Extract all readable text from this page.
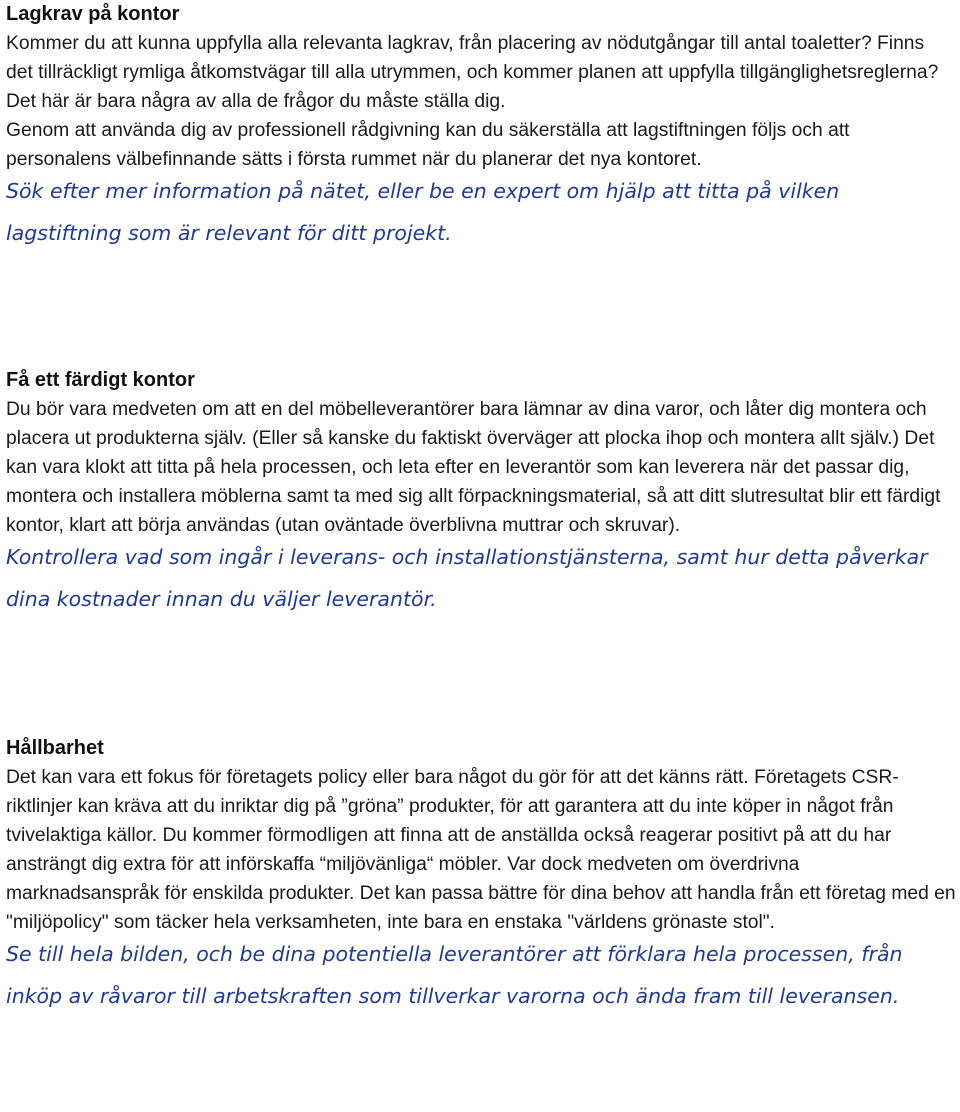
Lagkrav på kontor

Kommer du att kunna uppfylla alla relevanta lagkrav, från placering av nödutgångar till antal toaletter? Finns det tillräckligt rymliga åtkomstvägar till alla utrymmen, och kommer planen att uppfylla tillgänglighetsreglerna? Det här är bara några av alla de frågor du måste ställa dig.

Genom att använda dig av professionell rådgivning kan du säkerställa att lagstiftningen följs och att personalens välbefinnande sätts i första rummet när du planerar det nya kontoret.

Sök efter mer information på nätet, eller be en expert om hjälp att titta på vilken lagstiftning som är relevant för ditt projekt.

Få ett färdigt kontor

Du bör vara medveten om att en del möbelleverantörer bara lämnar av dina varor, och låter dig montera och placera ut produkterna själv. (Eller så kanske du faktiskt överväger att plocka ihop och montera allt själv.) Det kan vara klokt att titta på hela processen, och leta efter en leverantör som kan leverera när det passar dig, montera och installera möblerna samt ta med sig allt förpackningsmaterial, så att ditt slutresultat blir ett färdigt kontor, klart att börja användas (utan oväntade överblivna muttrar och skruvar).

Kontrollera vad som ingår i leverans- och installationstjänsterna, samt hur detta påverkar dina kostnader innan du väljer leverantör.

Hållbarhet

Det kan vara ett fokus för företagets policy eller bara något du gör för att det känns rätt. Företagets CSR-riktlinjer kan kräva att du inriktar dig på ”gröna” produkter, för att garantera att du inte köper in något från tvivelaktiga källor. Du kommer förmodligen att finna att de anställda också reagerar positivt på att du har ansträngt dig extra för att införskaffa “miljövänliga“ möbler. Var dock medveten om överdrivna marknadsanspråk för enskilda produkter. Det kan passa bättre för dina behov att handla från ett företag med en "miljöpolicy" som täcker hela verksamheten, inte bara en enstaka "världens grönaste stol".

Se till hela bilden, och be dina potentiella leverantörer att förklara hela processen, från inköp av råvaror till arbetskraften som tillverkar varorna och ända fram till leveransen.
